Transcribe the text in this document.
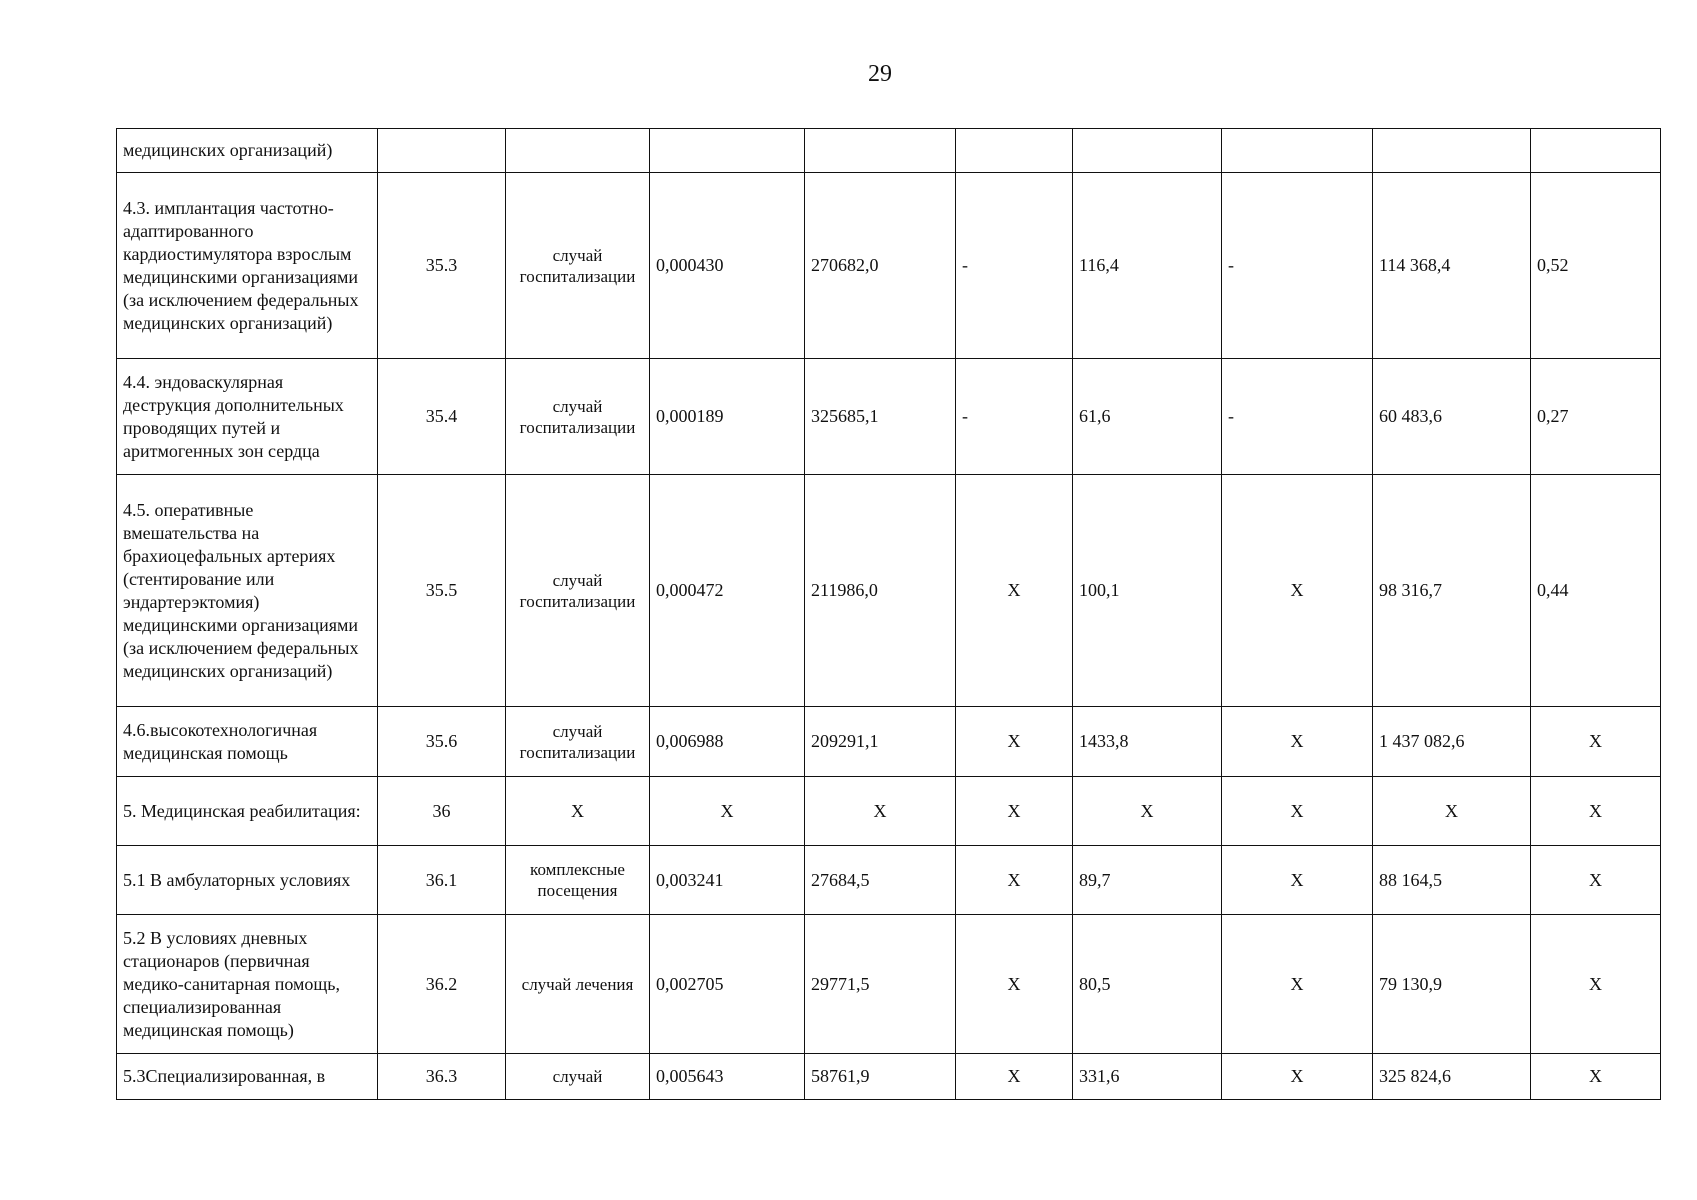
29
медицинских организаций)									
4.3. имплантация частотно-адаптированного кардиостимулятора взрослым медицинскими организациями (за исключением федеральных медицинских организаций)	35.3	случай госпитализации	0,000430	270682,0	-	116,4	-	114 368,4	0,52
4.4. эндоваскулярная деструкция дополнительных проводящих путей и аритмогенных зон сердца	35.4	случай госпитализации	0,000189	325685,1	-	61,6	-	60 483,6	0,27
4.5. оперативные вмешательства на брахиоцефальных артериях (стентирование или эндартерэктомия) медицинскими организациями (за исключением федеральных медицинских организаций)	35.5	случай госпитализации	0,000472	211986,0	X	100,1	X	98 316,7	0,44
4.6.высокотехнологичная медицинская помощь	35.6	случай госпитализации	0,006988	209291,1	X	1433,8	X	1 437 082,6	X
5. Медицинская реабилитация:	36	X	X	X	X	X	X	X	X
5.1 В амбулаторных условиях	36.1	комплексные посещения	0,003241	27684,5	X	89,7	X	88 164,5	X
5.2 В условиях дневных стационаров (первичная медико-санитарная помощь, специализированная медицинская помощь)	36.2	случай лечения	0,002705	29771,5	X	80,5	X	79 130,9	X
5.3Специализированная, в	36.3	случай	0,005643	58761,9	X	331,6	X	325 824,6	X
